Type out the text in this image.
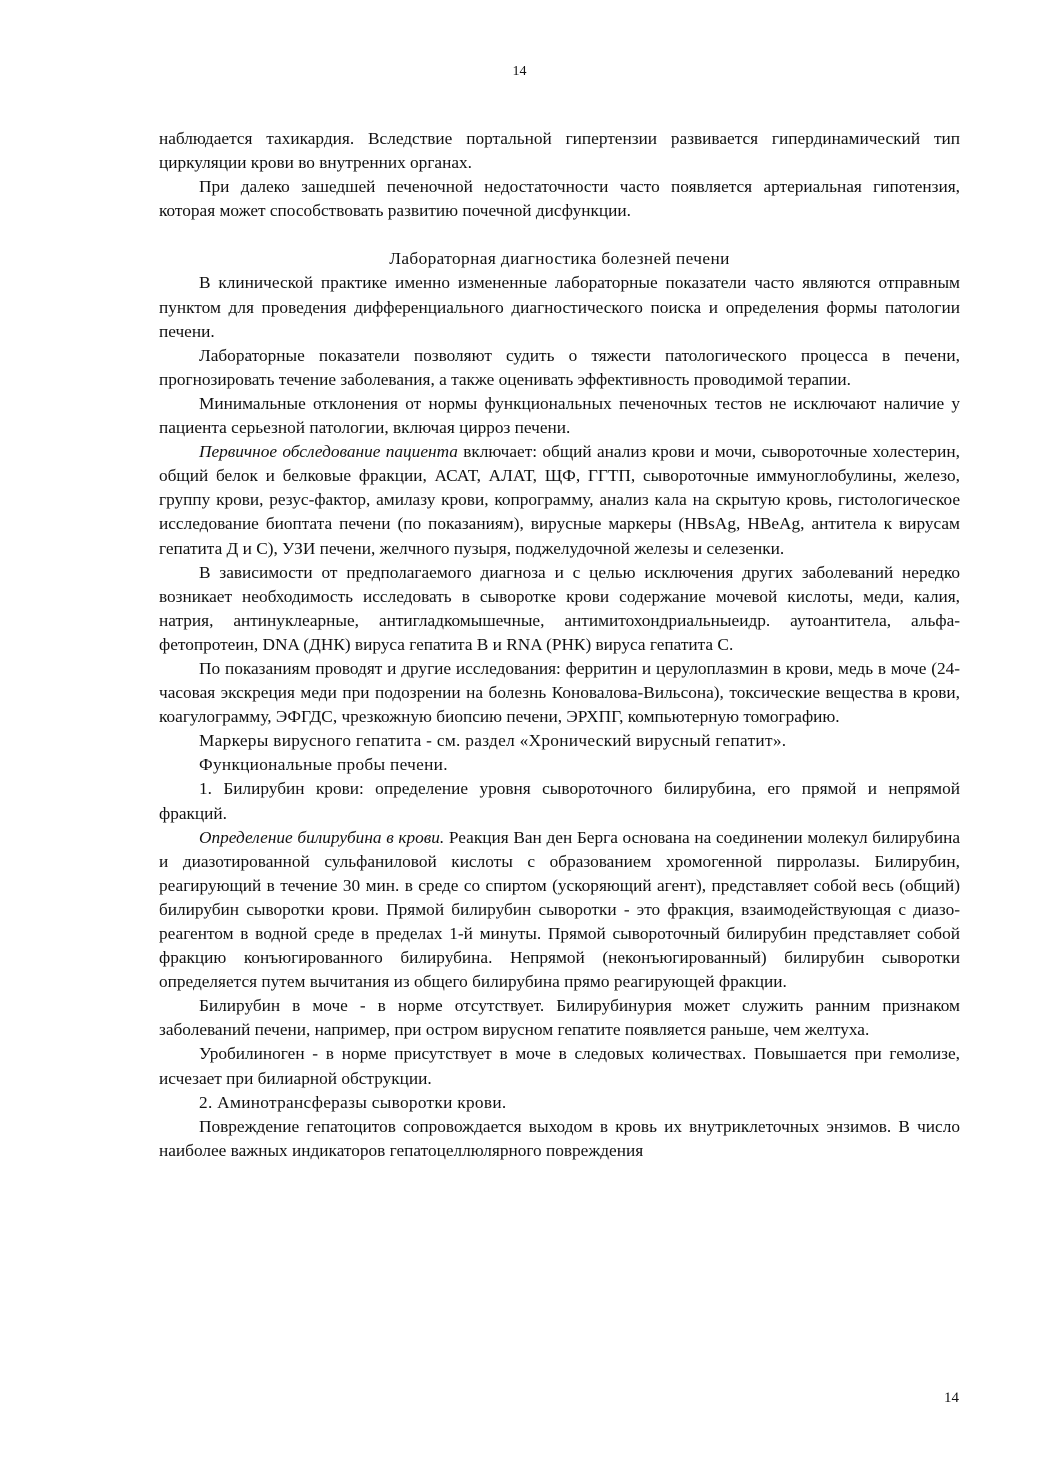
14

наблюдается тахикардия. Вследствие портальной гипертензии развивается гипердинамический тип циркуляции крови во внутренних органах.

При далеко зашедшей печеночной недостаточности часто появляется артериальная гипотензия, которая может способствовать развитию почечной дисфункции.

Лабораторная диагностика болезней печени

В клинической практике именно измененные лабораторные показатели часто являются отправным пунктом для проведения дифференциального диагностического поиска и определения формы патологии печени.

Лабораторные показатели позволяют судить о тяжести патологического процесса в печени, прогнозировать течение заболевания, а также оценивать эффективность проводимой терапии.

Минимальные отклонения от нормы функциональных печеночных тестов не исключают наличие у пациента серьезной патологии, включая цирроз печени.

Первичное обследование пациента включает: общий анализ крови и мочи, сывороточные холестерин, общий белок и белковые фракции, АСАТ, АЛАТ, ЩФ, ГГТП, сывороточные иммуноглобулины, железо, группу крови, резус-фактор, амилазу крови, копрограмму, анализ кала на скрытую кровь, гистологическое исследование биоптата печени (по показаниям), вирусные маркеры (HBsAg, HBeAg, антитела к вирусам гепатита Д и С), УЗИ печени, желчного пузыря, поджелудочной железы и селезенки.

В зависимости от предполагаемого диагноза и с целью исключения других заболеваний нередко возникает необходимость исследовать в сыворотке крови содержание мочевой кислоты, меди, калия, натрия, антинуклеарные, антигладкомышечные, антимитохондриальныеидр. аутоантитела, альфа-фетопротеин, DNA (ДНК) вируса гепатита В и RNA (РНК) вируса гепатита С.

По показаниям проводят и другие исследования: ферритин и церулоплазмин в крови, медь в моче (24-часовая экскреция меди при подозрении на болезнь Коновалова-Вильсона), токсические вещества в крови, коагулограмму, ЭФГДС, чрезкожную биопсию печени, ЭРХПГ, компьютерную томографию.

Маркеры вирусного гепатита - см. раздел «Хронический вирусный гепатит».

Функциональные пробы печени.

1. Билирубин крови: определение уровня сывороточного билирубина, его прямой и непрямой фракций.

Определение билирубина в крови. Реакция Ван ден Берга основана на соединении молекул билирубина и диазотированной сульфаниловой кислоты с образованием хромогенной пирролазы. Билирубин, реагирующий в течение 30 мин. в среде со спиртом (ускоряющий агент), представляет собой весь (общий) билирубин сыворотки крови. Прямой билирубин сыворотки - это фракция, взаимодействующая с диазо-реагентом в водной среде в пределах 1-й минуты. Прямой сывороточный билирубин представляет собой фракцию конъюгированного билирубина. Непрямой (неконъюгированный) билирубин сыворотки определяется путем вычитания из общего билирубина прямо реагирующей фракции.

Билирубин в моче - в норме отсутствует. Билирубинурия может служить ранним признаком заболеваний печени, например, при остром вирусном гепатите появляется раньше, чем желтуха.

Уробилиноген - в норме присутствует в моче в следовых количествах. Повышается при гемолизе, исчезает при билиарной обструкции.

2. Аминотрансферазы сыворотки крови.

Повреждение гепатоцитов сопровождается выходом в кровь их внутриклеточных энзимов. В число наиболее важных индикаторов гепатоцеллюлярного повреждения

14
